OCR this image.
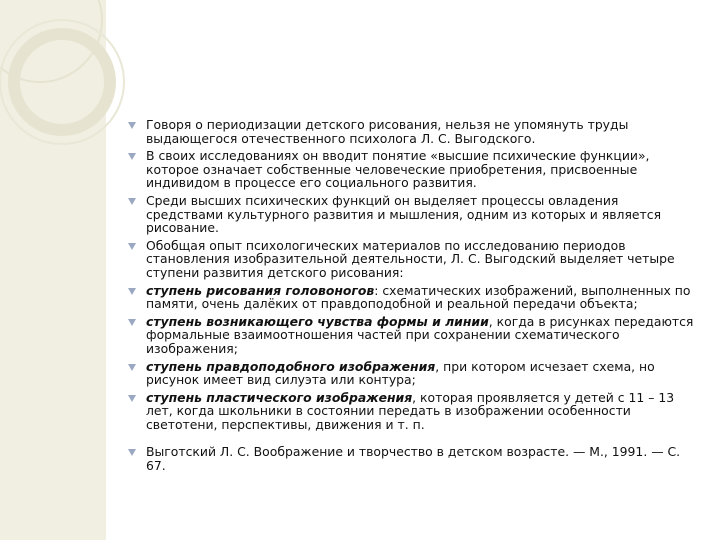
Говоря о периодизации детского рисования, нельзя не упомянуть труды выдающегося отечественного психолога Л. С. Выгодского.
В своих исследованиях он вводит понятие «высшие психические функции», которое означает собственные человеческие приобретения, присвоенные индивидом в процессе его социального развития.
Среди высших психических функций он выделяет процессы овладения средствами культурного развития и мышления, одним из которых и является рисование.
Обобщая опыт психологических материалов по исследованию периодов становления изобразительной деятельности, Л. С. Выгодский выделяет четыре ступени развития детского рисования:
ступень рисования головоногов: схематических изображений, выполненных по памяти, очень далёких от правдоподобной и реальной передачи объекта;
ступень возникающего чувства формы и линии, когда в рисунках передаются формальные взаимоотношения частей при сохранении схематического изображения;
ступень правдоподобного изображения, при котором исчезает схема, но рисунок имеет вид силуэта или контура;
ступень пластического изображения, которая проявляется у детей с 11 – 13 лет, когда школьники в состоянии передать в изображении особенности светотени, перспективы, движения и т. п.
Выготский Л. С. Воображение и творчество в детском возрасте. — М., 1991. — С. 67.
